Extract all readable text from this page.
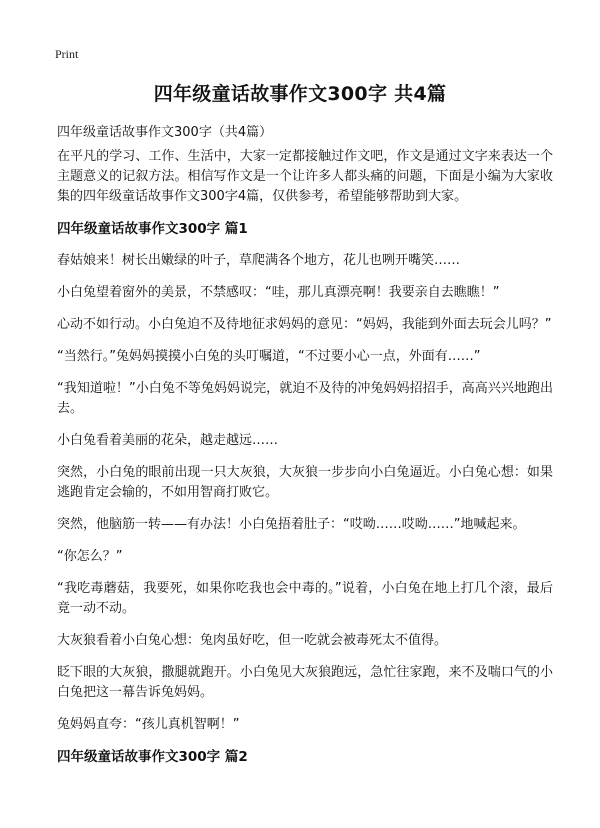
Print
四年级童话故事作文300字 共4篇
四年级童话故事作文300字（共4篇）

在平凡的学习、工作、生活中，大家一定都接触过作文吧，作文是通过文字来表达一个主题意义的记叙方法。相信写作文是一个让许多人都头痛的问题，下面是小编为大家收集的四年级童话故事作文300字4篇，仅供参考，希望能够帮助到大家。

四年级童话故事作文300字 篇1

春姑娘来！树长出嫩绿的叶子，草爬满各个地方，花儿也咧开嘴笑……

小白兔望着窗外的美景，不禁感叹：“哇，那儿真漂亮啊！我要亲自去瞧瞧！”

心动不如行动。小白兔迫不及待地征求妈妈的意见：“妈妈，我能到外面去玩会儿吗？”

“当然行。”兔妈妈摸摸小白兔的头叮嘱道，“不过要小心一点，外面有……”

“我知道啦！”小白兔不等兔妈妈说完，就迫不及待的冲兔妈妈招招手，高高兴兴地跑出去。

小白兔看着美丽的花朵，越走越远……

突然，小白兔的眼前出现一只大灰狼，大灰狼一步步向小白兔逼近。小白兔心想：如果逃跑肯定会输的，不如用智商打败它。

突然，他脑筋一转——有办法！小白兔捂着肚子：“哎呦……哎呦……”地喊起来。

“你怎么？”

“我吃毒蘑菇，我要死，如果你吃我也会中毒的。”说着，小白兔在地上打几个滚，最后竟一动不动。

大灰狼看着小白兔心想：兔肉虽好吃，但一吃就会被毒死太不值得。

眨下眼的大灰狼，撒腿就跑开。小白兔见大灰狼跑远，急忙往家跑，来不及喘口气的小白兔把这一幕告诉兔妈妈。

兔妈妈直夸：“孩儿真机智啊！”

四年级童话故事作文300字 篇2
